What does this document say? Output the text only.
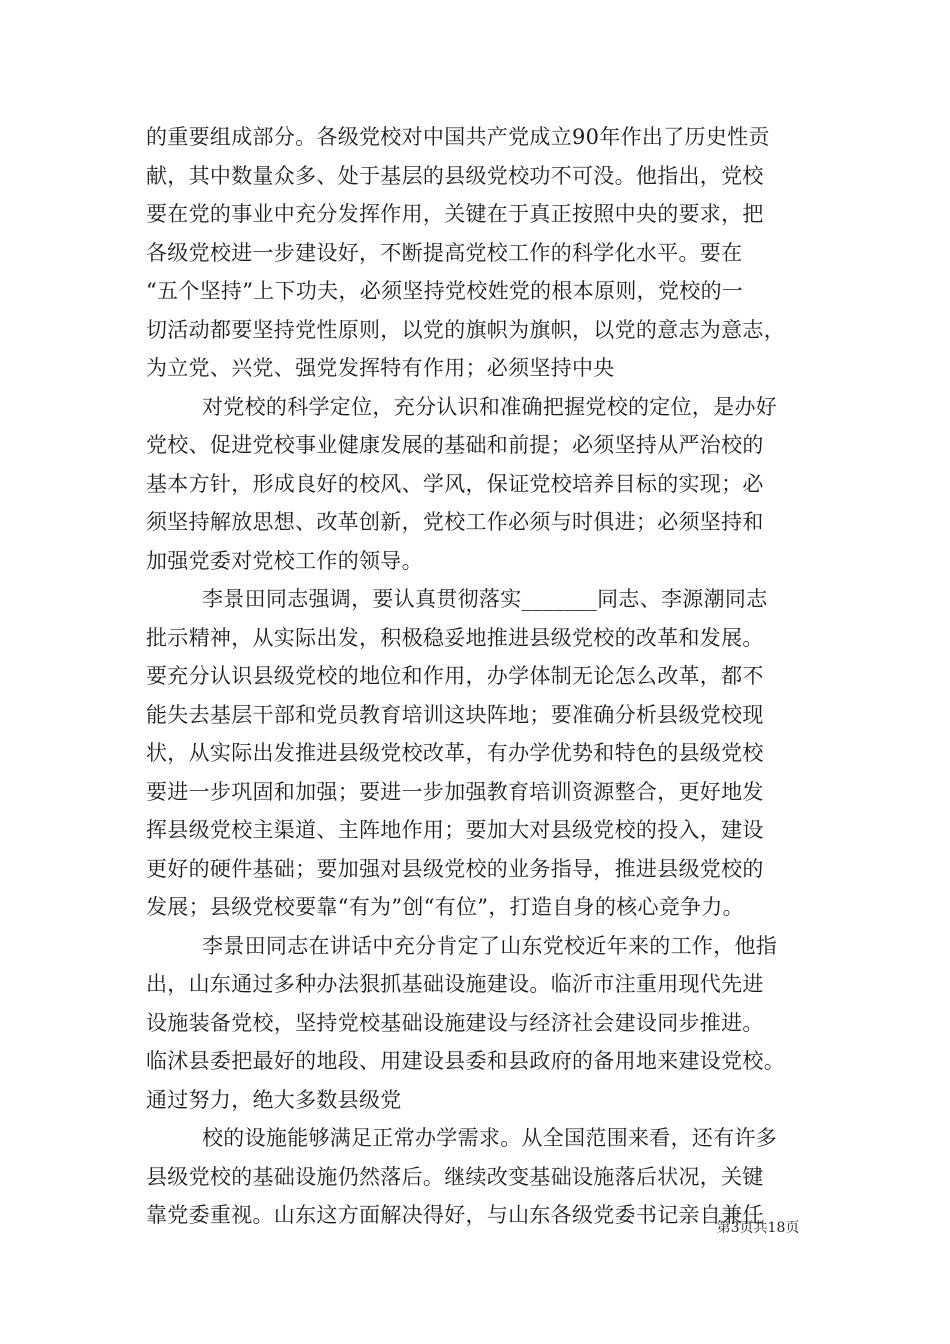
的重要组成部分。各级党校对中国共产党成立90年作出了历史性贡
献，其中数量众多、处于基层的县级党校功不可没。他指出，党校
要在党的事业中充分发挥作用，关键在于真正按照中央的要求，把
各级党校进一步建设好，不断提高党校工作的科学化水平。要在
“五个坚持”上下功夫，必须坚持党校姓党的根本原则，党校的一
切活动都要坚持党性原则，以党的旗帜为旗帜，以党的意志为意志，
为立党、兴党、强党发挥特有作用；必须坚持中央
对党校的科学定位，充分认识和准确把握党校的定位，是办好
党校、促进党校事业健康发展的基础和前提；必须坚持从严治校的
基本方针，形成良好的校风、学风，保证党校培养目标的实现；必
须坚持解放思想、改革创新，党校工作必须与时俱进；必须坚持和
加强党委对党校工作的领导。
李景田同志强调，要认真贯彻落实_______同志、李源潮同志
批示精神，从实际出发，积极稳妥地推进县级党校的改革和发展。
要充分认识县级党校的地位和作用，办学体制无论怎么改革，都不
能失去基层干部和党员教育培训这块阵地；要准确分析县级党校现
状，从实际出发推进县级党校改革，有办学优势和特色的县级党校
要进一步巩固和加强；要进一步加强教育培训资源整合，更好地发
挥县级党校主渠道、主阵地作用；要加大对县级党校的投入，建设
更好的硬件基础；要加强对县级党校的业务指导，推进县级党校的
发展；县级党校要靠“有为”创“有位”，打造自身的核心竞争力。
李景田同志在讲话中充分肯定了山东党校近年来的工作，他指
出，山东通过多种办法狠抓基础设施建设。临沂市注重用现代先进
设施装备党校，坚持党校基础设施建设与经济社会建设同步推进。
临沭县委把最好的地段、用建设县委和县政府的备用地来建设党校。
通过努力，绝大多数县级党
校的设施能够满足正常办学需求。从全国范围来看，还有许多
县级党校的基础设施仍然落后。继续改变基础设施落后状况，关键
靠党委重视。山东这方面解决得好，与山东各级党委书记亲自兼任
第3页共18页
